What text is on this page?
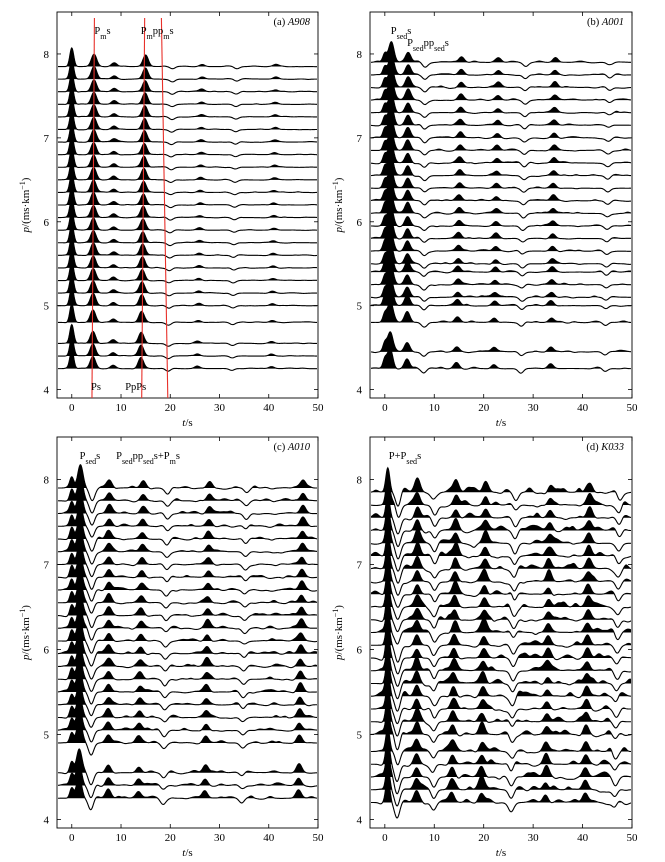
0	10	20	30	40	50
4
5
6
7
8
t/s
$p/(ms\cdot km^{-1})$
(a) A908
Ps PpPs
$P_ms$	$P_mpp_ms$
0	10	20	30	40	50
4
5
6
7
8
t/s
$p/(ms\cdot km^{-1})$
(b) A001
$P_{sed}s$
$P_{sed}pp_{sed}s$
0	10	20	30	40	50
4
5
6
7
8
t/s
$p/(ms\cdot km^{-1})$
(c) A010
$P_{sed}s$ $P_{sed}pp_{sed}s+P_ms$
0	10	20	30	40	50
4
5
6
7
8
t/s
$p/(ms\cdot km^{-1})$
(d) K033
$P+P_{sed}s$
